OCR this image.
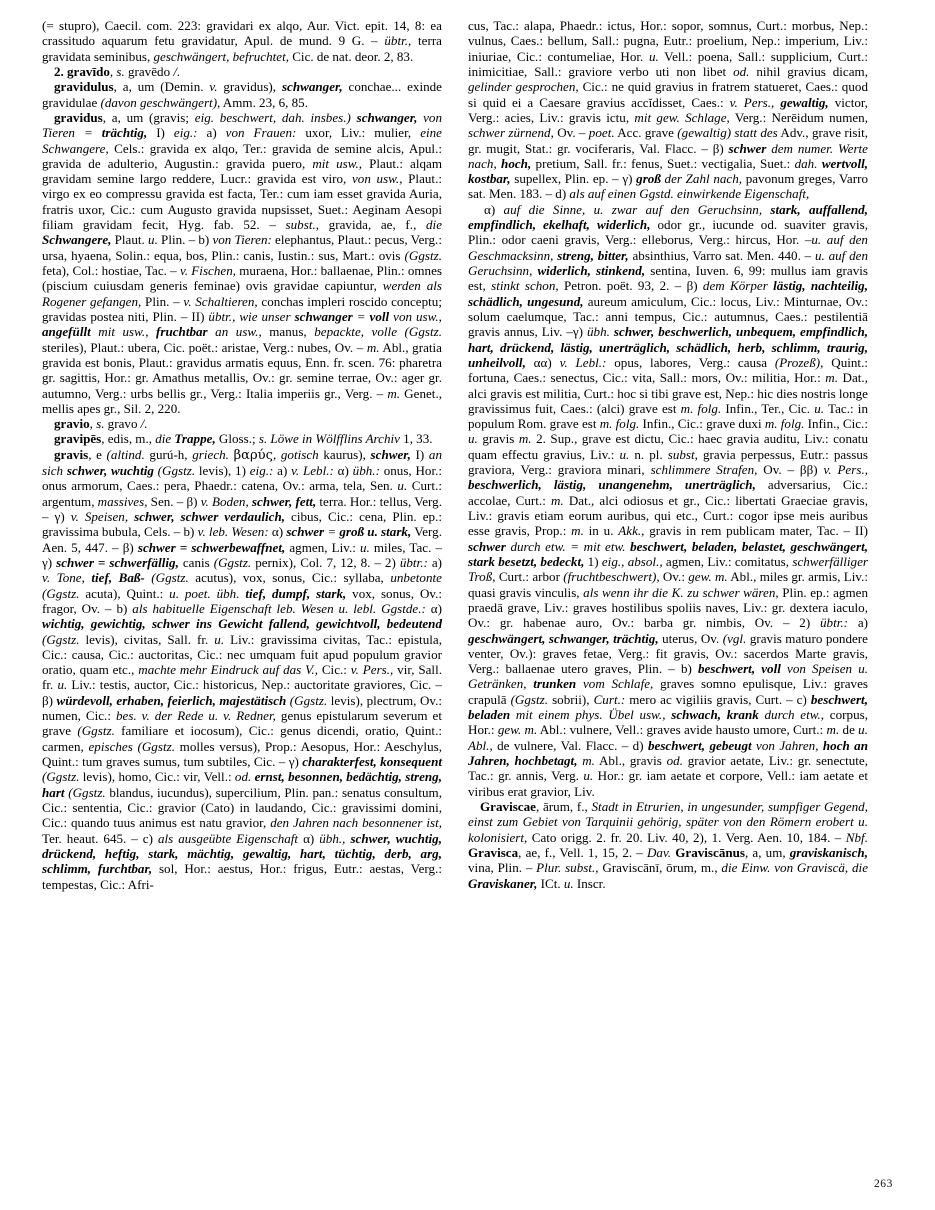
(= stupro), Caecil. com. 223: gravidari ex alqo, Aur. Vict. epit. 14, 8: ea crassitudo aquarum fetu gravidatur, Apul. de mund. 9 G. – übtr., terra gravidata seminibus, geschwängert, befruchtet, Cic. de nat. deor. 2, 83.
2. gravīdo, s. gravēdo /.
gravidulus, a, um (Demin. v. gravidus), schwanger, conchae... exinde gravidulae (davon geschwängert), Amm. 23, 6, 85.
gravidus, a, um (gravis; eig. beschwert, dah. insbes.) schwanger, von Tieren = trächtig, I) eig.: a) von Frauen: uxor, Liv.: mulier, eine Schwangere, Cels.: gravida ex alqo, Ter.: gravida de semine alcis, Apul.: gravida de adulterio, Augustin.: gravida puero, mit usw., Plaut.: alqam gravidam semine largo reddere, Lucr.: gravida est viro, von usw., Plaut.: virgo ex eo compressu gravida est facta, Ter.: cum iam esset gravida Auria, fratris uxor, Cic.: cum Augusto gravida nupsisset, Suet.: Aeginam Aesopi filiam gravidam fecit, Hyg. fab. 52. – subst., gravida, ae, f., die Schwangere, Plaut. u. Plin. – b) von Tieren: elephantus, Plaut.: pecus, Verg.: ursa, hyaena, Solin.: equa, bos, Plin.: canis, Iustin.: sus, Mart.: ovis (Ggstz. feta), Col.: hostiae, Tac. – v. Fischen, muraena, Hor.: ballaenae, Plin.: omnes (piscium cuiusdam generis feminae) ovis gravidae capiuntur, werden als Rogener gefangen, Plin. – v. Schaltieren, conchas impleri roscido conceptu; gravidas postea niti, Plin. – II) übtr., wie unser schwanger = voll von usw., angefüllt mit usw., fruchtbar an usw., manus, bepackte, volle (Ggstz. steriles), Plaut.: ubera, Cic. poët.: aristae, Verg.: nubes, Ov. – m. Abl., gratia gravida est bonis, Plaut.: gravidus armatis equus, Enn. fr. scen. 76: pharetra gr. sagittis, Hor.: gr. Amathus metallis, Ov.: gr. semine terrae, Ov.: ager gr. autumno, Verg.: urbs bellis gr., Verg.: Italia imperiis gr., Verg. – m. Genet., mellis apes gr., Sil. 2, 220.
gravio, s. gravo /.
gravipēs, edis, m., die Trappe, Gloss.; s. Löwe in Wölfflins Archiv 1, 33.
gravis, e (altind. gurú-h, griech. βαρύς, gotisch kaurus), schwer, I) an sich schwer, wuchtig (Ggstz. levis), 1) eig.: a) v. Lebl.: α) übh.: onus, Hor.: onus armorum, Caes.: pera, Phaedr.: catena, Ov.: arma, tela, Sen. u. Curt.: argentum, massives, Sen. – β) v. Boden, schwer, fett, terra. Hor.: tellus, Verg. – γ) v. Speisen, schwer, schwer verdaulich, cibus, Cic.: cena, Plin. ep.: gravissima bubula, Cels. – b) v. leb. Wesen: α) schwer = groß u. stark, Verg. Aen. 5, 447. – β) schwer = schwerbewaffnet, agmen, Liv.: u. miles, Tac. – γ) schwer = schwerfällig, canis (Ggstz. pernix), Col. 7, 12, 8. – 2) übtr.: a) v. Tone, tief, Baß- (Ggstz. acutus), vox, sonus, Cic.: syllaba, unbetonte (Ggstz. acuta), Quint.: u. poet. übh. tief, dumpf, stark, vox, sonus, Ov.: fragor, Ov. – b) als habituelle Eigenschaft leb. Wesen u. lebl. Ggstde.: α) wichtig, gewichtig, schwer ins Gewicht fallend, gewichtvoll, bedeutend (Ggstz. levis), civitas, Sall. fr. u. Liv.: gravissima civitas, Tac.: epistula, Cic.: causa, Cic.: auctoritas, Cic.: nec umquam fuit apud populum gravior oratio, quam etc., machte mehr Eindruck auf das V., Cic.: v. Pers., vir, Sall. fr. u. Liv.: testis, auctor, Cic.: historicus, Nep.: auctoritate graviores, Cic. – β) würdevoll, erhaben, feierlich, majestätisch (Ggstz. levis), plectrum, Ov.: numen, Cic.: bes. v. der Rede u. v. Redner, genus epistularum severum et grave (Ggstz. familiare et iocosum), Cic.: genus dicendi, oratio, Quint.: carmen, episches (Ggstz. molles versus), Prop.: Aesopus, Hor.: Aeschylus, Quint.: tum graves sumus, tum subtiles, Cic. – γ) charakterfest, konsequent (Ggstz. levis), homo, Cic.: vir, Vell.: od. ernst, besonnen, bedächtig, streng, hart (Ggstz. blandus, iucundus), supercilium, Plin. pan.: senatus consultum, Cic.: sententia, Cic.: gravior (Cato) in laudando, Cic.: gravissimi domini, Cic.: quando tuus animus est natu gravior, den Jahren nach besonnener ist, Ter. heaut. 645. – c) als ausgeübte Eigenschaft α) übh., schwer, wuchtig, drückend, heftig, stark, mächtig, gewaltig, hart, tüchtig, derb, arg, schlimm, furchtbar, sol, Hor.: aestus, Hor.: frigus, Eutr.: aestas, Verg.: tempestas, Cic.: Afri-
cus, Tac.: alapa, Phaedr.: ictus, Hor.: sopor, somnus, Curt.: morbus, Nep.: vulnus, Caes.: bellum, Sall.: pugna, Eutr.: proelium, Nep.: imperium, Liv.: iniuriae, Cic.: contumeliae, Hor. u. Vell.: poena, Sall.: supplicium, Curt.: inimicitiae, Sall.: graviore verbo uti non libet od. nihil gravius dicam, gelinder gesprochen, Cic.: ne quid gravius in fratrem statueret, Caes.: quod si quid ei a Caesare gravius accĭdisset, Caes.: v. Pers., gewaltig, victor, Verg.: acies, Liv.: gravis ictu, mit gew. Schlage, Verg.: Nerēidum numen, schwer zürnend, Ov. – poet. Acc. grave (gewaltig) statt des Adv., grave risit, gr. mugit, Stat.: gr. vociferaris, Val. Flacc. – β) schwer dem numer. Werte nach, hoch, pretium, Sall. fr.: fenus, Suet.: vectigalia, Suet.: dah. wertvoll, kostbar, supellex, Plin. ep. – γ) groß der Zahl nach, pavonum greges, Varro sat. Men. 183. – d) als auf einen Ggstd. einwirkende Eigenschaft,
α) auf die Sinne, u. zwar auf den Geruchsinn, stark, auffallend, empfindlich, ekelhaft, widerlich, odor gr., iucunde od. suaviter gravis, Plin.: odor caeni gravis, Verg.: elleborus, Verg.: hircus, Hor. –u. auf den Geschmacksinn, streng, bitter, absinthius, Varro sat. Men. 440. – u. auf den Geruchsinn, widerlich, stinkend, sentina, Iuven. 6, 99: mullus iam gravis est, stinkt schon, Petron. poët. 93, 2. – β) dem Körper lästig, nachteilig, schädlich, ungesund, aureum amiculum, Cic.: locus, Liv.: Minturnae, Ov.: solum caelumque, Tac.: anni tempus, Cic.: autumnus, Caes.: pestilentiā gravis annus, Liv. –γ) übh. schwer, beschwerlich, unbequem, empfindlich, hart, drückend, lästig, unerträglich, schädlich, herb, schlimm, traurig, unheilvoll, αα) v. Lebl.: opus, labores, Verg.: causa (Prozeß), Quint.: fortuna, Caes.: senectus, Cic.: vita, Sall.: mors, Ov.: militia, Hor.: m. Dat., alci gravis est militia, Curt.: hoc si tibi grave est, Nep.: hic dies nostris longe gravissimus fuit, Caes.: (alci) grave est m. folg. Infin., Ter., Cic. u. Tac.: in populum Rom. grave est m. folg. Infin., Cic.: grave duxi m. folg. Infin., Cic.: u. gravis m. 2. Sup., grave est dictu, Cic.: haec gravia auditu, Liv.: conatu quam effectu gravius, Liv.: u. n. pl. subst, gravia perpessus, Eutr.: passus graviora, Verg.: graviora minari, schlimmere Strafen, Ov. – ββ) v. Pers., beschwerlich, lästig, unangenehm, unerträglich, adversarius, Cic.: accolae, Curt.: m. Dat., alci odiosus et gr., Cic.: libertati Graeciae gravis, Liv.: gravis etiam eorum auribus, qui etc., Curt.: cogor ipse meis auribus esse gravis, Prop.: m. in u. Akk., gravis in rem publicam mater, Tac. – II) schwer durch etw. = mit etw. beschwert, beladen, belastet, geschwängert, stark besetzt, bedeckt, 1) eig., absol., agmen, Liv.: comitatus, schwerfälliger Troß, Curt.: arbor (fruchtbeschwert), Ov.: gew. m. Abl., miles gr. armis, Liv.: quasi gravis vinculis, als wenn ihr die K. zu schwer wären, Plin. ep.: agmen praedā grave, Liv.: graves hostilibus spoliis naves, Liv.: gr. dextera iaculo, Ov.: gr. habenae auro, Ov.: barba gr. nimbis, Ov. – 2) übtr.: a) geschwängert, schwanger, trächtig, uterus, Ov. (vgl. gravis maturo pondere venter, Ov.): graves fetae, Verg.: fit gravis, Ov.: sacerdos Marte gravis, Verg.: ballaenae utero graves, Plin. – b) beschwert, voll von Speisen u. Getränken, trunken vom Schlafe, graves somno epulisque, Liv.: graves crapulā (Ggstz. sobrii), Curt.: mero ac vigiliis gravis, Curt. – c) beschwert, beladen mit einem phys. Übel usw., schwach, krank durch etw., corpus, Hor.: gew. m. Abl.: vulnere, Vell.: graves avide hausto umore, Curt.: m. de u. Abl., de vulnere, Val. Flacc. – d) beschwert, gebeugt von Jahren, hoch an Jahren, hochbetagt, m. Abl., gravis od. gravior aetate, Liv.: gr. senectute, Tac.: gr. annis, Verg. u. Hor.: gr. iam aetate et corpore, Vell.: iam aetate et viribus erat gravior, Liv.
Graviscae, ārum, f., Stadt in Etrurien, in ungesunder, sumpfiger Gegend, einst zum Gebiet von Tarquinii gehörig, später von den Römern erobert u. kolonisiert, Cato origg. 2. fr. 20. Liv. 40, 2), 1. Verg. Aen. 10, 184. – Nbf. Gravisca, ae, f., Vell. 1, 15, 2. – Dav. Graviscānus, a, um, graviskanisch, vina, Plin. – Plur. subst., Graviscānī, ōrum, m., die Einw. von Graviscä, die Graviskaner, ICt. u. Inscr.
263
